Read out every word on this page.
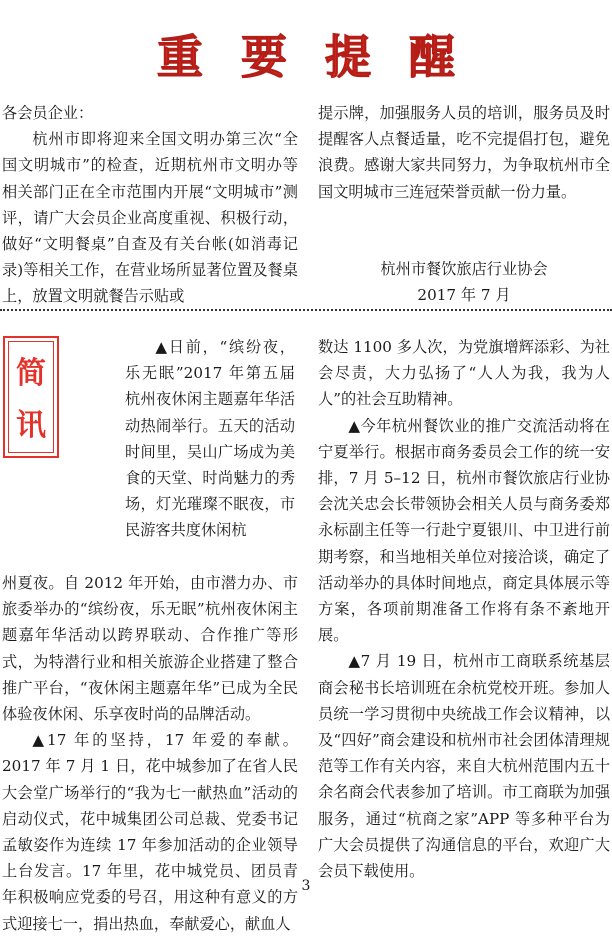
重 要 提 醒

各会员企业：

杭州市即将迎来全国文明办第三次“全国文明城市”的检查，近期杭州市文明办等相关部门正在全市范围内开展“文明城市”测评，请广大会员企业高度重视、积极行动，做好“文明餐桌”自查及有关台帐(如消毒记录)等相关工作，在营业场所显著位置及餐桌上，放置文明就餐告示贴或

提示牌，加强服务人员的培训，服务员及时提醒客人点餐适量，吃不完提倡打包，避免浪费。感谢大家共同努力，为争取杭州市全国文明城市三连冠荣誉贡献一份力量。

杭州市餐饮旅店行业协会

2017 年 7 月

简
讯

▲日前，“缤纷夜，乐无眠”2017 年第五届杭州夜休闲主题嘉年华活动热闹举行。五天的活动时间里，吴山广场成为美食的天堂、时尚魅力的秀场，灯光璀璨不眠夜，市民游客共度休闲杭

州夏夜。自 2012 年开始，由市潜力办、市旅委举办的“缤纷夜，乐无眠”杭州夜休闲主题嘉年华活动以跨界联动、合作推广等形式，为特潜行业和相关旅游企业搭建了整合推广平台，“夜休闲主题嘉年华”已成为全民体验夜休闲、乐享夜时尚的品牌活动。

▲17 年的坚持，17 年爱的奉献。2017 年 7 月 1 日，花中城参加了在省人民大会堂广场举行的“我为七一献热血”活动的启动仪式，花中城集团公司总裁、党委书记孟敏姿作为连续 17 年参加活动的企业领导上台发言。17 年里，花中城党员、团员青年积极响应党委的号召，用这种有意义的方式迎接七一，捐出热血，奉献爱心，献血人

数达 1100 多人次，为党旗增辉添彩、为社会尽责，大力弘扬了“人人为我，我为人人”的社会互助精神。

▲今年杭州餐饮业的推广交流活动将在宁夏举行。根据市商务委员会工作的统一安排，7 月 5–12 日，杭州市餐饮旅店行业协会沈关忠会长带领协会相关人员与商务委郑永标副主任等一行赴宁夏银川、中卫进行前期考察，和当地相关单位对接洽谈，确定了活动举办的具体时间地点，商定具体展示等方案，各项前期准备工作将有条不紊地开展。

▲7 月 19 日，杭州市工商联系统基层商会秘书长培训班在余杭党校开班。参加人员统一学习贯彻中央统战工作会议精神，以及“四好”商会建设和杭州市社会团体清理规范等工作有关内容，来自大杭州范围内五十余名商会代表参加了培训。市工商联为加强服务，通过“杭商之家”APP 等多种平台为广大会员提供了沟通信息的平台，欢迎广大会员下载使用。

3
